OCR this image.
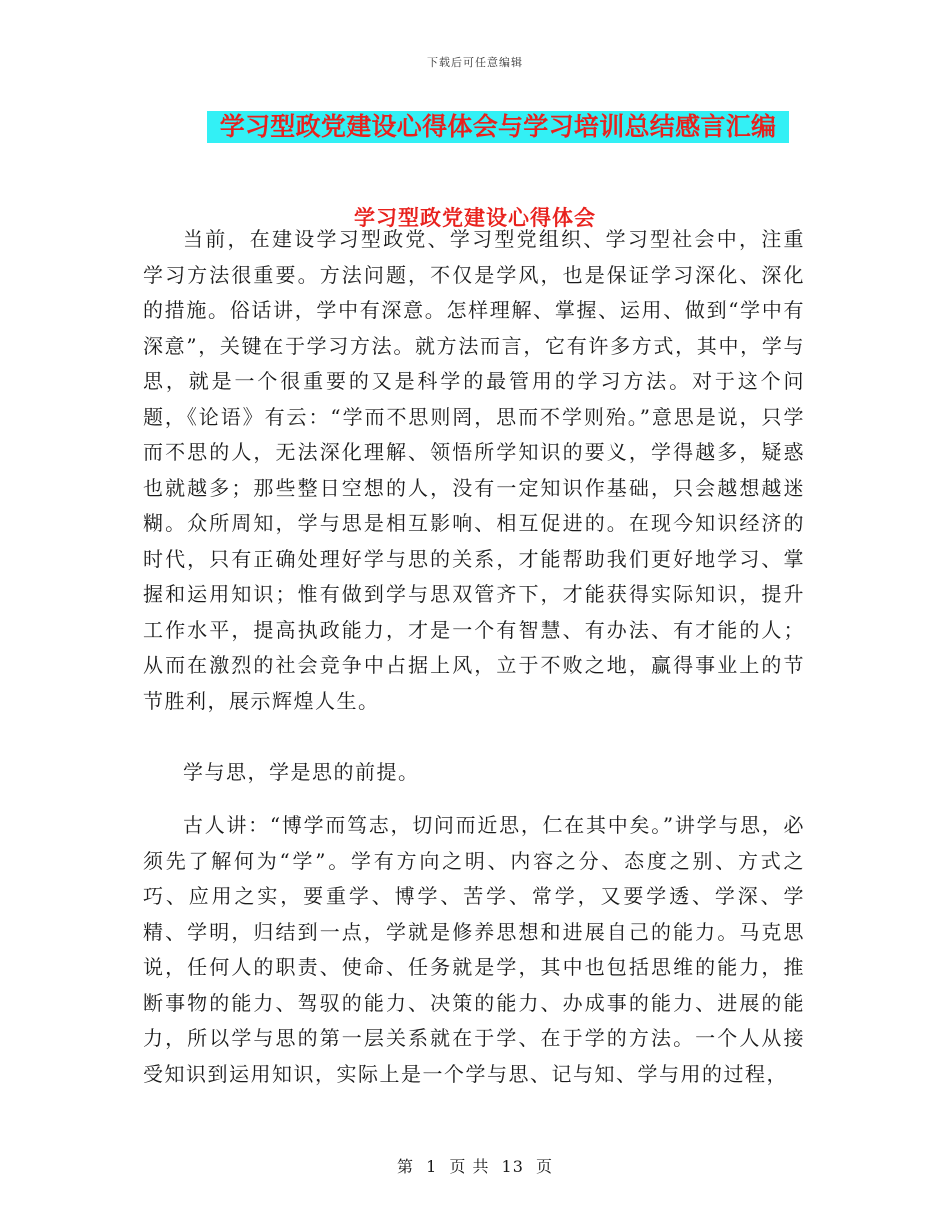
下载后可任意编辑
学习型政党建设心得体会与学习培训总结感言汇编
学习型政党建设心得体会

当前，在建设学习型政党、学习型党组织、学习型社会中，注重学习方法很重要。方法问题，不仅是学风，也是保证学习深化、深化的措施。俗话讲，学中有深意。怎样理解、掌握、运用、做到“学中有深意”，关键在于学习方法。就方法而言，它有许多方式，其中，学与思，就是一个很重要的又是科学的最管用的学习方法。对于这个问题，《论语》有云：“学而不思则罔，思而不学则殆。”意思是说，只学而不思的人，无法深化理解、领悟所学知识的要义，学得越多，疑惑也就越多；那些整日空想的人，没有一定知识作基础，只会越想越迷糊。众所周知，学与思是相互影响、相互促进的。在现今知识经济的时代，只有正确处理好学与思的关系，才能帮助我们更好地学习、掌握和运用知识；惟有做到学与思双管齐下，才能获得实际知识，提升工作水平，提高执政能力，才是一个有智慧、有办法、有才能的人；从而在激烈的社会竞争中占据上风，立于不败之地，赢得事业上的节节胜利，展示辉煌人生。

学与思，学是思的前提。

古人讲：“博学而笃志，切问而近思，仁在其中矣。”讲学与思，必须先了解何为“学”。学有方向之明、内容之分、态度之别、方式之巧、应用之实，要重学、博学、苦学、常学，又要学透、学深、学精、学明，归结到一点，学就是修养思想和进展自己的能力。马克思说，任何人的职责、使命、任务就是学，其中也包括思维的能力，推断事物的能力、驾驭的能力、决策的能力、办成事的能力、进展的能力，所以学与思的第一层关系就在于学、在于学的方法。一个人从接受知识到运用知识，实际上是一个学与思、记与知、学与用的过程，

第 1 页 共 13 页
